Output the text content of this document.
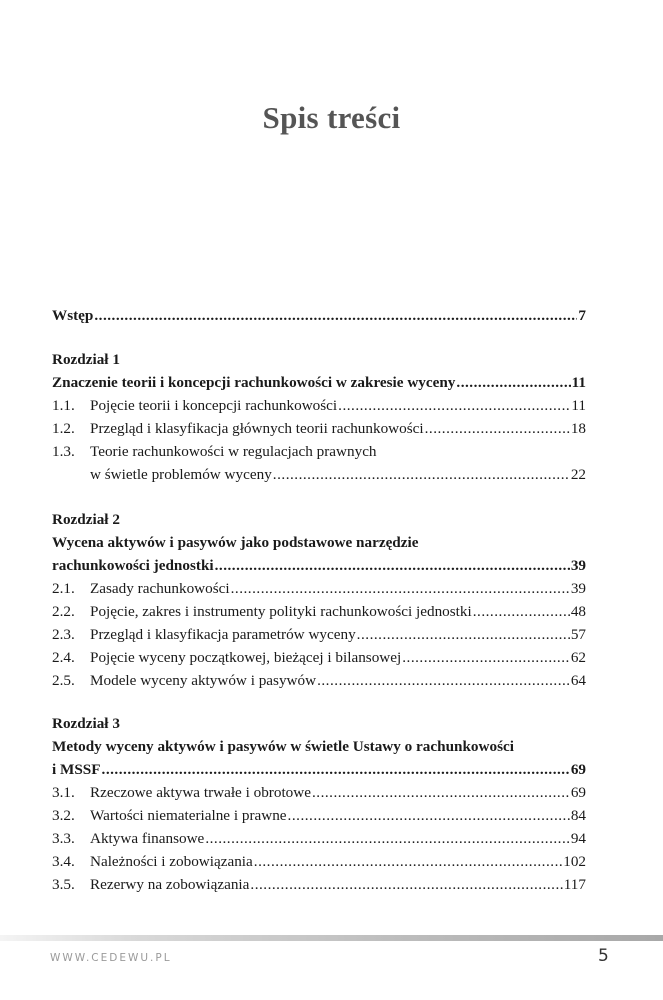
Spis treści
Wstęp .....	7
Rozdział 1
Znaczenie teorii i koncepcji rachunkowości w zakresie wyceny .....	11
1.1.	Pojęcie teorii i koncepcji rachunkowości .....	11
1.2.	Przegląd i klasyfikacja głównych teorii rachunkowości .....	18
1.3.	Teorie rachunkowości w regulacjach prawnych
w świetle problemów wyceny .....	22
Rozdział 2
Wycena aktywów i pasywów jako podstawowe narzędzie
rachunkowości jednostki .....	39
2.1.	Zasady rachunkowości .....	39
2.2.	Pojęcie, zakres i instrumenty polityki rachunkowości jednostki .....	48
2.3.	Przegląd i klasyfikacja parametrów wyceny .....	57
2.4.	Pojęcie wyceny początkowej, bieżącej i bilansowej .....	62
2.5.	Modele wyceny aktywów i pasywów .....	64
Rozdział 3
Metody wyceny aktywów i pasywów w świetle Ustawy o rachunkowości
i MSSF .....	69
3.1.	Rzeczowe aktywa trwałe i obrotowe .....	69
3.2.	Wartości niematerialne i prawne .....	84
3.3.	Aktywa finansowe .....	94
3.4.	Należności i zobowiązania .....	102
3.5.	Rezerwy na zobowiązania .....	117
WWW.CEDEWU.PL	5
